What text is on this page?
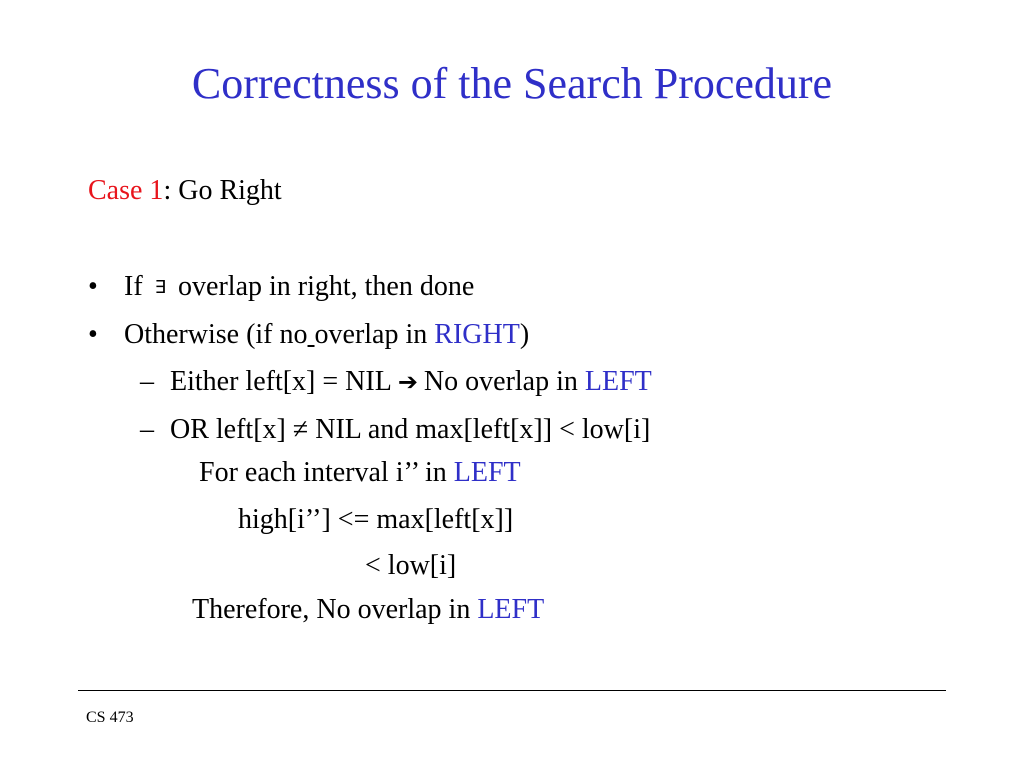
Correctness of the Search Procedure
Case 1: Go Right
• If ∃ overlap in right, then done
• Otherwise (if no overlap in RIGHT)
– Either left[x] = NIL ➔ No overlap in LEFT
– OR left[x] ≠ NIL and max[left[x]] < low[i]
For each interval i’’ in LEFT
high[i’’] <= max[left[x]]
< low[i]
Therefore, No overlap in LEFT
CS 473
